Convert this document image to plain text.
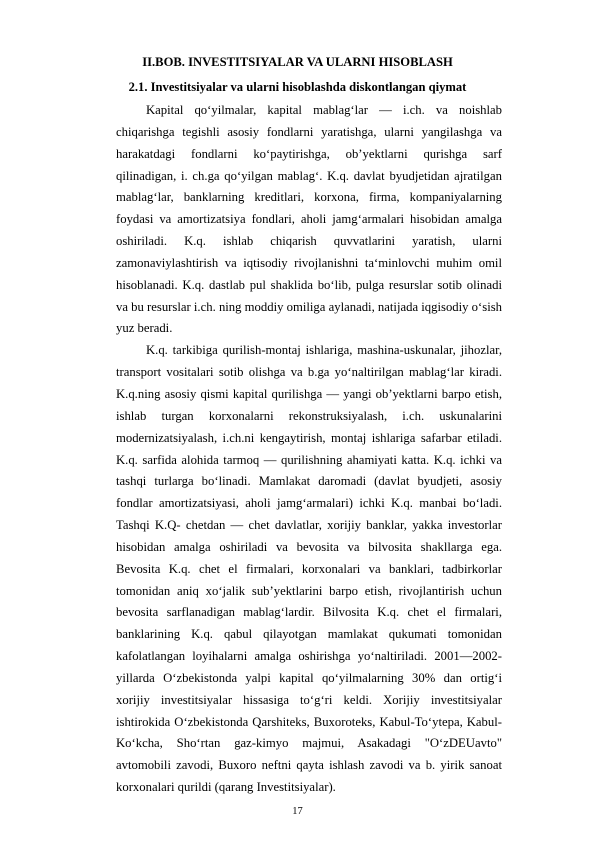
II.BOB. INVESTITSIYALAR VA ULARNI HISOBLASH
2.1. Investitsiyalar va ularni hisoblashda diskontlangan qiymat

Kapital qoʻyilmalar, kapital mablagʻlar — i.ch. va noishlab chiqarishga tegishli asosiy fondlarni yaratishga, ularni yangilashga va harakatdagi fondlarni koʻpaytirishga, obʼyektlarni qurishga sarf qilinadigan, i. ch.ga qoʻyilgan mablagʻ. K.q. davlat byudjetidan ajratilgan mablagʻlar, banklarning kreditlari, korxona, firma, kompaniyalarning foydasi va amortizatsiya fondlari, aholi jamgʻarmalari hisobidan amalga oshiriladi. K.q. ishlab chiqarish quvvatlarini yaratish, ularni zamonaviylashtirish va iqtisodiy rivojlanishni taʻminlovchi muhim omil hisoblanadi. K.q. dastlab pul shaklida boʻlib, pulga resurslar sotib olinadi va bu resurslar i.ch. ning moddiy omiliga aylanadi, natijada iqgisodiy oʻsish yuz beradi.

K.q. tarkibiga qurilish-montaj ishlariga, mashina-uskunalar, jihozlar, transport vositalari sotib olishga va b.ga yoʻnaltirilgan mablagʻlar kiradi. K.q.ning asosiy qismi kapital qurilishga — yangi obʼyektlarni barpo etish, ishlab turgan korxonalarni rekonstruksiyalash, i.ch. uskunalarini modernizatsiyalash, i.ch.ni kengaytirish, montaj ishlariga safarbar etiladi. K.q. sarfida alohida tarmoq — qurilishning ahamiyati katta. K.q. ichki va tashqi turlarga boʻlinadi. Mamlakat daromadi (davlat byudjeti, asosiy fondlar amortizatsiyasi, aholi jamgʻarmalari) ichki K.q. manbai boʻladi. Tashqi K.Q- chetdan — chet davlatlar, xorijiy banklar, yakka investorlar hisobidan amalga oshiriladi va bevosita va bilvosita shakllarga ega. Bevosita K.q. chet el firmalari, korxonalari va banklari, tadbirkorlar tomonidan aniq xoʻjalik subʼyektlarini barpo etish, rivojlantirish uchun bevosita sarflanadigan mablagʻlardir. Bilvosita K.q. chet el firmalari, banklarining K.q. qabul qilayotgan mamlakat qukumati tomonidan kafolatlangan loyihalarni amalga oshirishga yoʻnaltiriladi. 2001—2002-yillarda Oʻzbekistonda yalpi kapital qoʻyilmalarning 30% dan ortigʻi xorijiy investitsiyalar hissasiga toʻgʻri keldi. Xorijiy investitsiyalar ishtirokida Oʻzbekistonda Qarshiteks, Buxoroteks, Kabul-Toʻytepa, Kabul-Koʻkcha, Shoʻrtan gaz-kimyo majmui, Asakadagi "OʻzDEUavto" avtomobili zavodi, Buxoro neftni qayta ishlash zavodi va b. yirik sanoat korxonalari qurildi (qarang Investitsiyalar).

17
